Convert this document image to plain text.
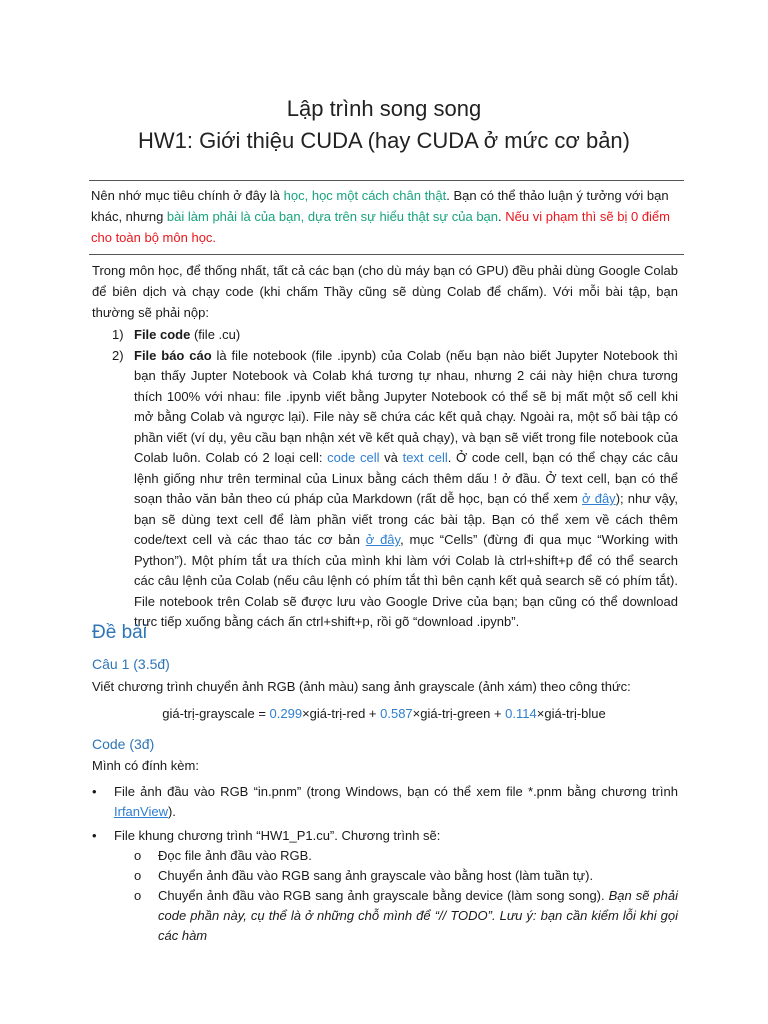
Lập trình song song
HW1: Giới thiệu CUDA (hay CUDA ở mức cơ bản)
Nên nhớ mục tiêu chính ở đây là học, học một cách chân thật. Bạn có thể thảo luận ý tưởng với bạn khác, nhưng bài làm phải là của bạn, dựa trên sự hiểu thật sự của bạn. Nếu vi phạm thì sẽ bị 0 điểm cho toàn bộ môn học.
Trong môn học, để thống nhất, tất cả các bạn (cho dù máy bạn có GPU) đều phải dùng Google Colab để biên dịch và chạy code (khi chấm Thầy cũng sẽ dùng Colab để chấm). Với mỗi bài tập, bạn thường sẽ phải nộp:
1) File code (file .cu)
2) File báo cáo là file notebook (file .ipynb) của Colab (nếu bạn nào biết Jupyter Notebook thì bạn thấy Jupter Notebook và Colab khá tương tự nhau, nhưng 2 cái này hiện chưa tương thích 100% với nhau: file .ipynb viết bằng Jupyter Notebook có thể sẽ bị mất một số cell khi mở bằng Colab và ngược lại). File này sẽ chứa các kết quả chạy. Ngoài ra, một số bài tập có phần viết (ví dụ, yêu cầu bạn nhận xét về kết quả chạy), và bạn sẽ viết trong file notebook của Colab luôn. Colab có 2 loại cell: code cell và text cell. Ở code cell, bạn có thể chạy các câu lệnh giống như trên terminal của Linux bằng cách thêm dấu ! ở đầu. Ở text cell, bạn có thể soạn thảo văn bản theo cú pháp của Markdown (rất dễ học, bạn có thể xem ở đây); như vậy, bạn sẽ dùng text cell để làm phần viết trong các bài tập. Bạn có thể xem về cách thêm code/text cell và các thao tác cơ bản ở đây, mục “Cells” (đừng đi qua mục “Working with Python”). Một phím tắt ưa thích của mình khi làm với Colab là ctrl+shift+p để có thể search các câu lệnh của Colab (nếu câu lệnh có phím tắt thì bên cạnh kết quả search sẽ có phím tắt). File notebook trên Colab sẽ được lưu vào Google Drive của bạn; bạn cũng có thể download trực tiếp xuống bằng cách ấn ctrl+shift+p, rồi gõ “download .ipynb”.
Đề bài
Câu 1 (3.5đ)
Viết chương trình chuyển ảnh RGB (ảnh màu) sang ảnh grayscale (ảnh xám) theo công thức:
giá-trị-grayscale = 0.299×giá-trị-red + 0.587×giá-trị-green + 0.114×giá-trị-blue
Code (3đ)
Mình có đính kèm:
• File ảnh đầu vào RGB “in.pnm” (trong Windows, bạn có thể xem file *.pnm bằng chương trình IrfanView).
• File khung chương trình “HW1_P1.cu”. Chương trình sẽ:
o Đọc file ảnh đầu vào RGB.
o Chuyển ảnh đầu vào RGB sang ảnh grayscale vào bằng host (làm tuần tự).
o Chuyển ảnh đầu vào RGB sang ảnh grayscale bằng device (làm song song). Bạn sẽ phải code phần này, cụ thể là ở những chỗ mình để “// TODO”. Lưu ý: bạn cần kiểm lỗi khi gọi các hàm
